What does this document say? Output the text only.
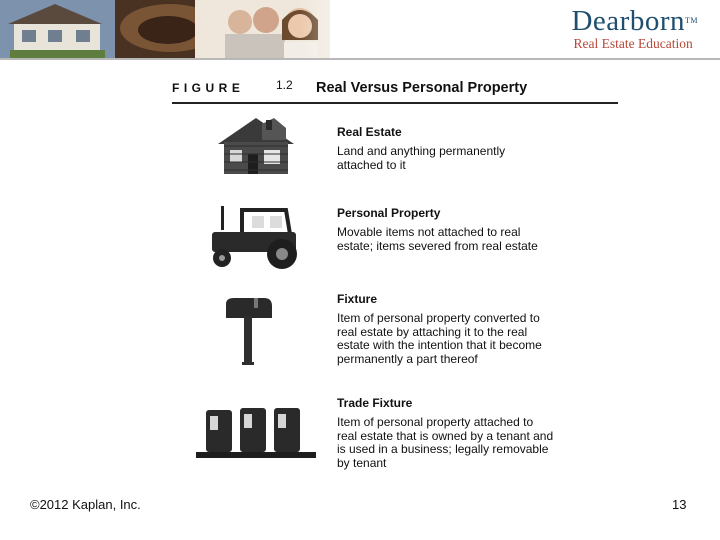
Dearborn™
Real Estate Education
FIGURE	1.2 Real Versus Personal Property
Real Estate
Land and anything permanently
attached to it
Personal Property
Movable items not attached to real
estate; items severed from real estate
Fixture
Item of personal property converted to
real estate by attaching it to the real
estate with the intention that it become
permanently a part thereof
Trade Fixture
Item of personal property attached to
real estate that is owned by a tenant and
is used in a business; legally removable
by tenant
©2012 Kaplan, Inc.	13
